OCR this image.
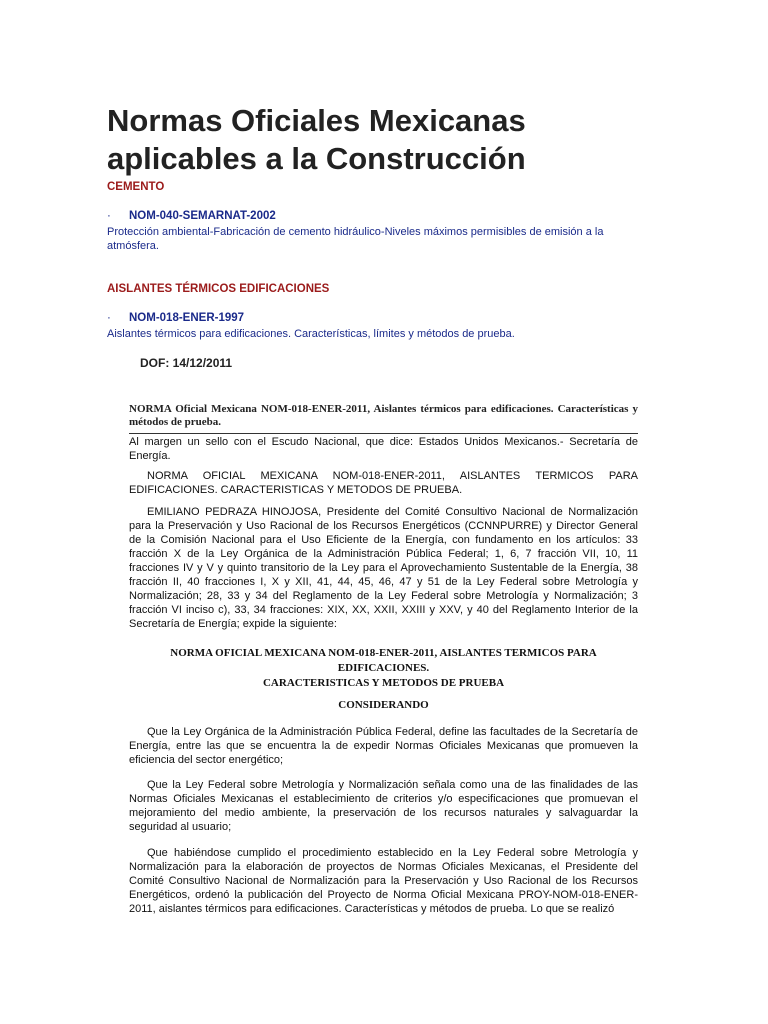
Normas Oficiales Mexicanas aplicables a la Construcción
CEMENTO
· NOM-040-SEMARNAT-2002
Protección ambiental-Fabricación de cemento hidráulico-Niveles máximos permisibles de emisión a la atmósfera.
AISLANTES TÉRMICOS EDIFICACIONES
· NOM-018-ENER-1997
Aislantes térmicos para edificaciones. Características, límites y métodos de prueba.
DOF: 14/12/2011
NORMA Oficial Mexicana NOM-018-ENER-2011, Aislantes térmicos para edificaciones. Características y métodos de prueba.
Al margen un sello con el Escudo Nacional, que dice: Estados Unidos Mexicanos.- Secretaría de Energía.
NORMA OFICIAL MEXICANA NOM-018-ENER-2011, AISLANTES TERMICOS PARA EDIFICACIONES. CARACTERISTICAS Y METODOS DE PRUEBA.
EMILIANO PEDRAZA HINOJOSA, Presidente del Comité Consultivo Nacional de Normalización para la Preservación y Uso Racional de los Recursos Energéticos (CCNNPURRE) y Director General de la Comisión Nacional para el Uso Eficiente de la Energía, con fundamento en los artículos: 33 fracción X de la Ley Orgánica de la Administración Pública Federal; 1, 6, 7 fracción VII, 10, 11 fracciones IV y V y quinto transitorio de la Ley para el Aprovechamiento Sustentable de la Energía, 38 fracción II, 40 fracciones I, X y XII, 41, 44, 45, 46, 47 y 51 de la Ley Federal sobre Metrología y Normalización; 28, 33 y 34 del Reglamento de la Ley Federal sobre Metrología y Normalización; 3 fracción VI inciso c), 33, 34 fracciones: XIX, XX, XXII, XXIII y XXV, y 40 del Reglamento Interior de la Secretaría de Energía; expide la siguiente:
NORMA OFICIAL MEXICANA NOM-018-ENER-2011, AISLANTES TERMICOS PARA EDIFICACIONES.
CARACTERISTICAS Y METODOS DE PRUEBA
CONSIDERANDO
Que la Ley Orgánica de la Administración Pública Federal, define las facultades de la Secretaría de Energía, entre las que se encuentra la de expedir Normas Oficiales Mexicanas que promueven la eficiencia del sector energético;
Que la Ley Federal sobre Metrología y Normalización señala como una de las finalidades de las Normas Oficiales Mexicanas el establecimiento de criterios y/o especificaciones que promuevan el mejoramiento del medio ambiente, la preservación de los recursos naturales y salvaguardar la seguridad al usuario;
Que habiéndose cumplido el procedimiento establecido en la Ley Federal sobre Metrología y Normalización para la elaboración de proyectos de Normas Oficiales Mexicanas, el Presidente del Comité Consultivo Nacional de Normalización para la Preservación y Uso Racional de los Recursos Energéticos, ordenó la publicación del Proyecto de Norma Oficial Mexicana PROY-NOM-018-ENER-2011, aislantes térmicos para edificaciones. Características y métodos de prueba. Lo que se realizó
